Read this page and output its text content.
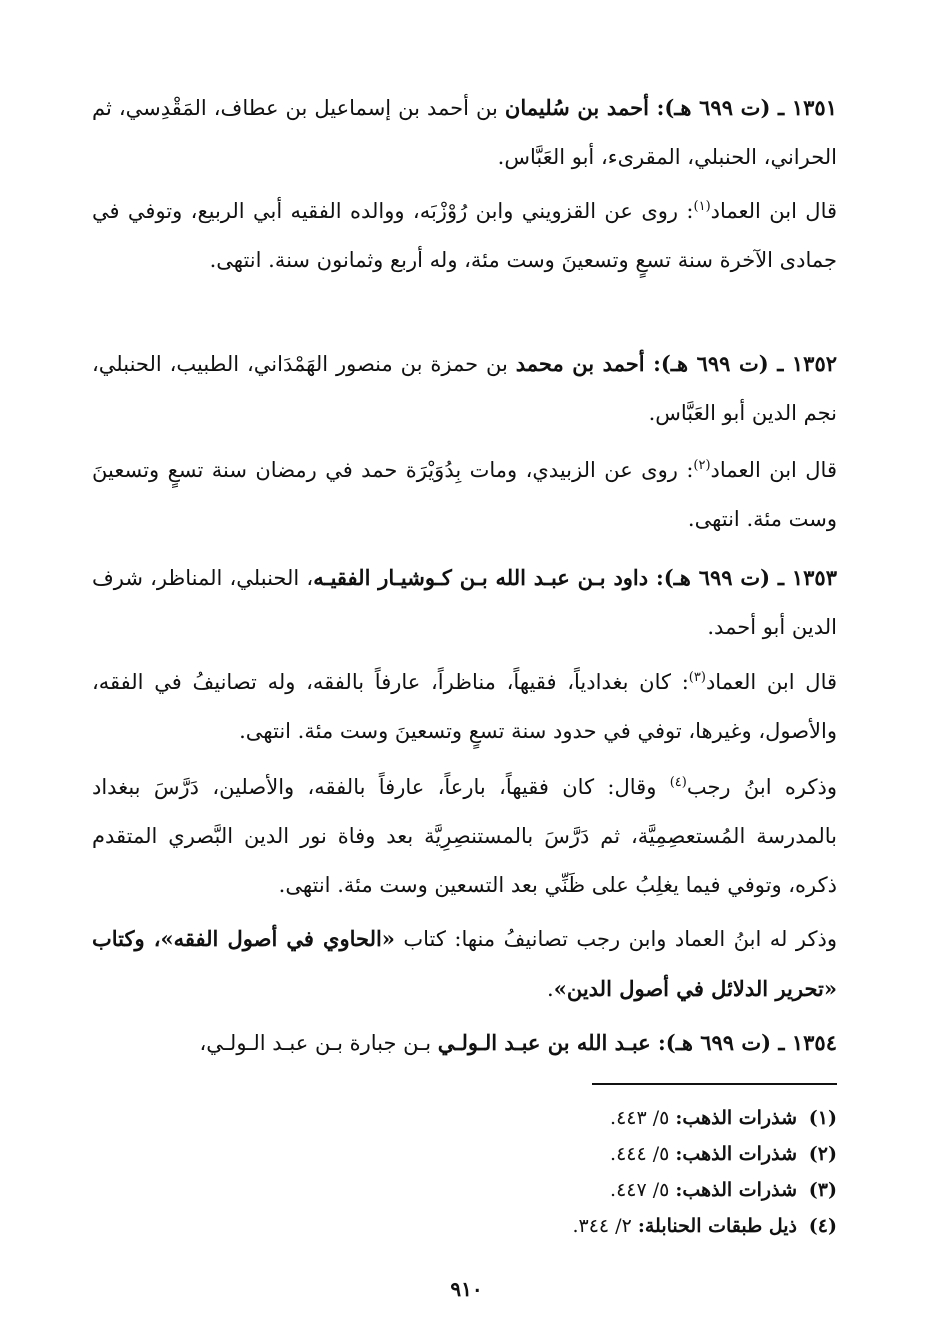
١٣٥١ ـ (ت ٦٩٩ هـ): أحمد بن سُليمان بن أحمد بن إسماعيل بن عطاف، المَقْدِسي، ثم الحراني، الحنبلي، المقرىء، أبو العَبَّاس.

قال ابن العماد$^{(١)}$: روى عن القزويني وابن رُوْزْبَه، ووالده الفقيه أبي الربيع، وتوفي في جمادى الآخرة سنة تسعٍ وتسعينَ وست مئة، وله أربع وثمانون سنة. انتهى.

١٣٥٢ ـ (ت ٦٩٩ هـ): أحمد بن محمد بن حمزة بن منصور الهَمْدَاني، الطبيب، الحنبلي، نجم الدين أبو العَبَّاس.

قال ابن العماد$^{(٢)}$: روى عن الزبيدي، ومات بِدُوَيْرَة حمد في رمضان سنة تسعٍ وتسعينَ وست مئة. انتهى.

١٣٥٣ ـ (ت ٦٩٩ هـ): داود بـن عبـد الله بـن كـوشيـار الفقيـه، الحنبلي، المناظر، شرف الدين أبو أحمد.

قال ابن العماد$^{(٣)}$: كان بغدادياً، فقيهاً، مناظراً، عارفاً بالفقه، وله تصانيفُ في الفقه، والأصول، وغيرها، توفي في حدود سنة تسعٍ وتسعينَ وست مئة. انتهى.

وذكره ابنُ رجب$^{(٤)}$ وقال: كان فقيهاً، بارعاً، عارفاً بالفقه، والأصلين، دَرَّسَ ببغداد بالمدرسة المُستعصِمِيَّة، ثم دَرَّسَ بالمستنصِرِيَّة بعد وفاة نور الدين البَّصري المتقدم ذكره، وتوفي فيما يغلِبُ على ظَنِّي بعد التسعين وست مئة. انتهى.

وذكر له ابنُ العماد وابن رجب تصانيفُ منها: كتاب «الحاوي في أصول الفقه»، وكتاب «تحرير الدلائل في أصول الدين».

١٣٥٤ ـ (ت ٦٩٩ هـ): عبـد الله بن عبـد الـولـي بـن جبارة بـن عبـد الـولـي،

(١)شذرات الذهب: ٥/ ٤٤٣.
(٢)شذرات الذهب: ٥/ ٤٤٤.
(٣)شذرات الذهب: ٥/ ٤٤٧.
(٤)ذيل طبقات الحنابلة: ٢/ ٣٤٤.
٩١٠
